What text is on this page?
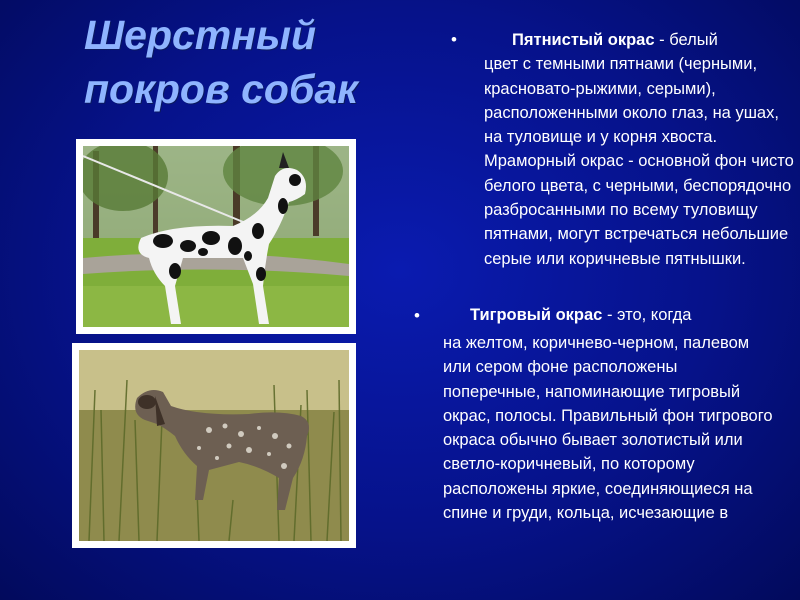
Шерстный
покров собак
•	Пятнистый окрас - белый

цвет с темными пятнами (черными, красновато-рыжими, серыми), расположенными около глаз, на ушах, на туловище и у корня хвоста.

Мраморный окрас - основной фон чисто белого цвета, с черными, беспорядочно разбросанными по всему туловищу пятнами, могут встречаться небольшие серые или коричневые пятнышки.

•	Тигровый окрас - это, когда
на желтом, коричнево-черном, палевом или сером фоне расположены поперечные, напоминающие тигровый окрас, полосы. Правильный фон тигрового окраса обычно бывает золотистый или светло-коричневый, по которому расположены яркие, соединяющиеся на спине и груди, кольца, исчезающие в
